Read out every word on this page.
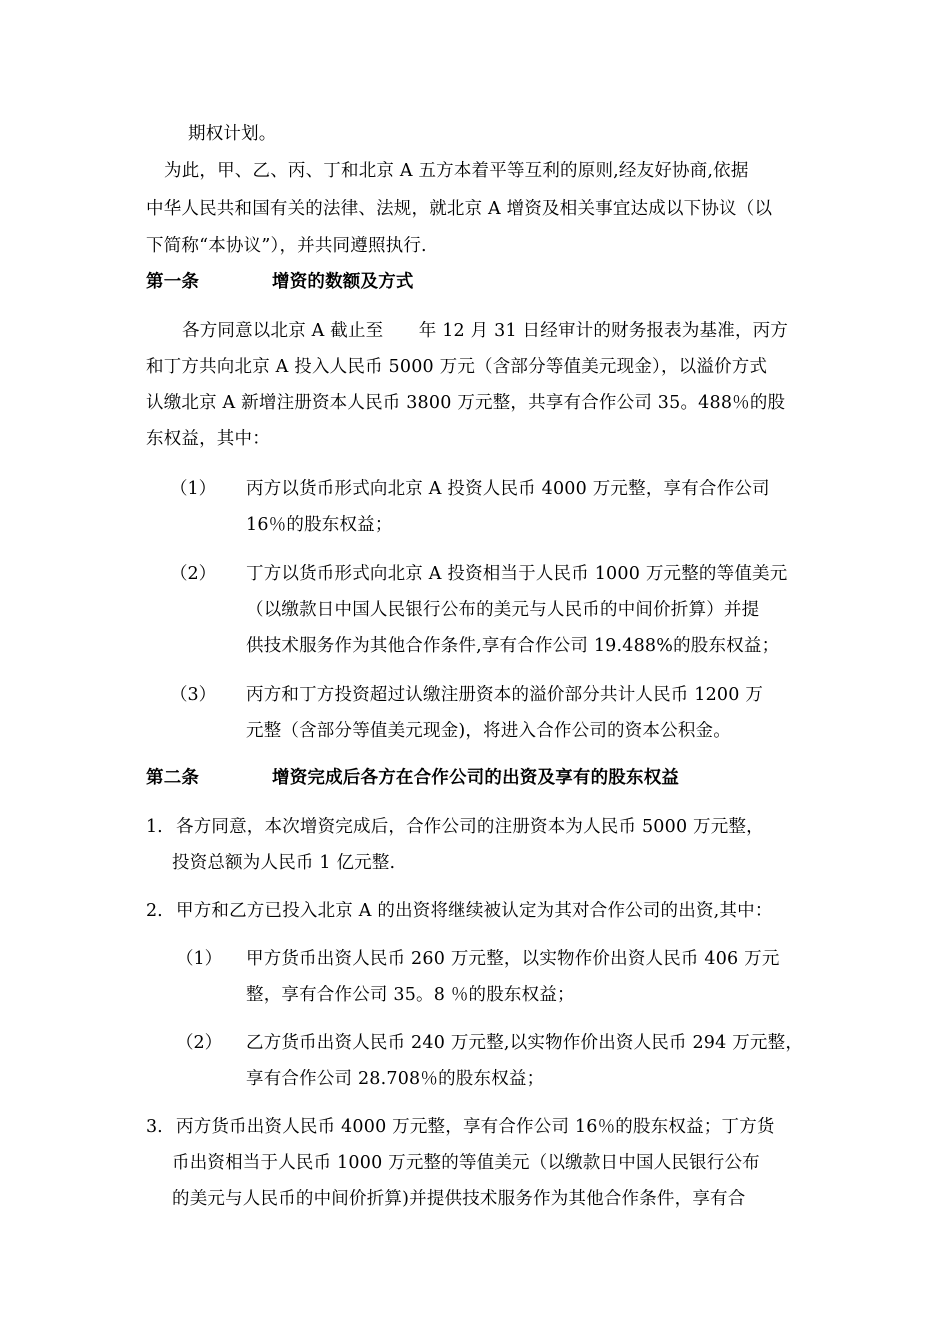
期权计划。
为此，甲、乙、丙、丁和北京 A 五方本着平等互利的原则,经友好协商,依据
中华人民共和国有关的法律、法规，就北京 A 增资及相关事宜达成以下协议（以
下简称“本协议”），并共同遵照执行.
第一条	增资的数额及方式
各方同意以北京 A 截止至　　年 12 月 31 日经审计的财务报表为基准，丙方
和丁方共向北京 A 投入人民币 5000 万元（含部分等值美元现金），以溢价方式
认缴北京 A 新增注册资本人民币 3800 万元整，共享有合作公司 35。488％的股
东权益，其中：
（1） 丙方以货币形式向北京 A 投资人民币 4000 万元整，享有合作公司
16％的股东权益；
（2） 丁方以货币形式向北京 A 投资相当于人民币 1000 万元整的等值美元
（以缴款日中国人民银行公布的美元与人民币的中间价折算）并提
供技术服务作为其他合作条件,享有合作公司 19.488%的股东权益；
（3） 丙方和丁方投资超过认缴注册资本的溢价部分共计人民币 1200 万
元整（含部分等值美元现金)，将进入合作公司的资本公积金。
第二条	增资完成后各方在合作公司的出资及享有的股东权益
1. 各方同意，本次增资完成后，合作公司的注册资本为人民币 5000 万元整，
投资总额为人民币 1 亿元整.
2. 甲方和乙方已投入北京 A 的出资将继续被认定为其对合作公司的出资,其中：
（1） 甲方货币出资人民币 260 万元整，以实物作价出资人民币 406 万元
整，享有合作公司 35。8 ％的股东权益；
（2） 乙方货币出资人民币 240 万元整,以实物作价出资人民币 294 万元整，
享有合作公司 28.708％的股东权益；
3. 丙方货币出资人民币 4000 万元整，享有合作公司 16％的股东权益；丁方货
币出资相当于人民币 1000 万元整的等值美元（以缴款日中国人民银行公布
的美元与人民币的中间价折算)并提供技术服务作为其他合作条件，享有合
